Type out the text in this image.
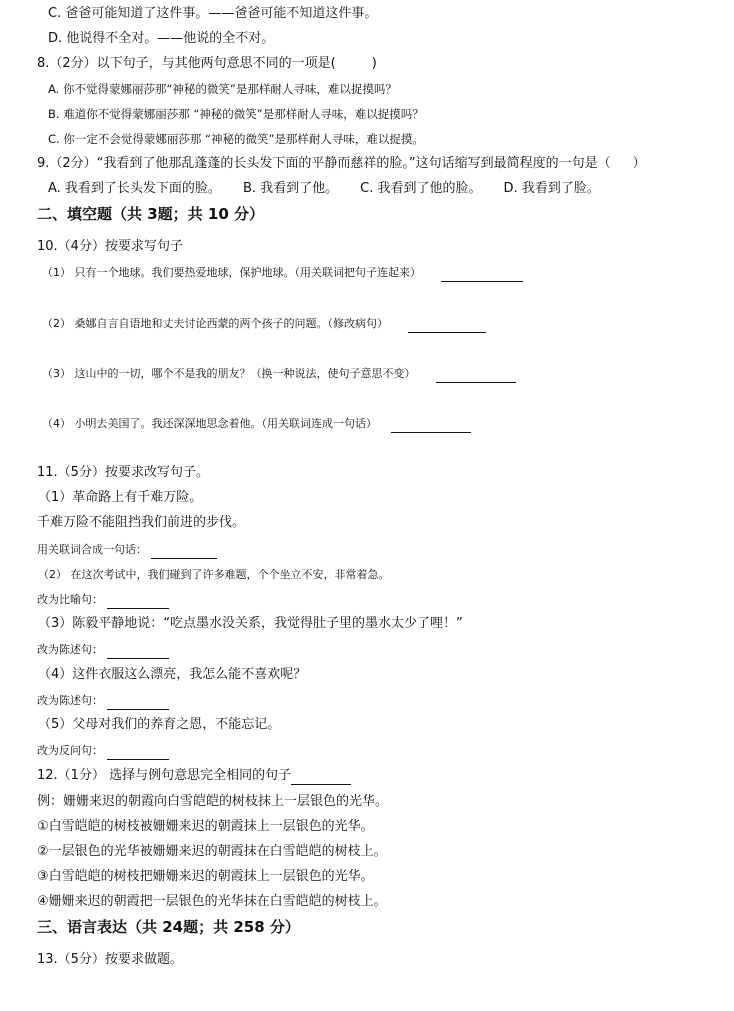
C. 爸爸可能知道了这件事。——爸爸可能不知道这件事。
D. 他说得不全对。——他说的全不对。
8.（2分）以下句子，与其他两句意思不同的一项是(	)
A. 你不觉得蒙娜丽莎那“神秘的微笑”是那样耐人寻味，难以捉摸吗？
B. 难道你不觉得蒙娜丽莎那 “神秘的微笑”是那样耐人寻味，难以捉摸吗？
C. 你一定不会觉得蒙娜丽莎那 “神秘的微笑”是那样耐人寻味，难以捉摸。
9.（2分）“我看到了他那乱蓬蓬的长头发下面的平静而慈祥的脸。”这句话缩写到最简程度的一句是（ ）
A. 我看到了长头发下面的脸。 B. 我看到了他。 C. 我看到了他的脸。 D. 我看到了脸。
二、填空题（共 3题；共 10 分）
10.（4分）按要求写句子
（1） 只有一个地球。我们要热爱地球，保护地球。（用关联词把句子连起来）
（2） 桑娜自言自语地和丈夫讨论西蒙的两个孩子的问题。（修改病句）
（3） 这山中的一切，哪个不是我的朋友？（换一种说法，使句子意思不变）
（4） 小明去美国了。我还深深地思念着他。（用关联词连成一句话）
11.（5分）按要求改写句子。
（1）革命路上有千难万险。
千难万险不能阻挡我们前进的步伐。
用关联词合成一句话：
（2） 在这次考试中，我们碰到了许多难题，个个坐立不安，非常着急。
改为比喻句：
（3）陈毅平静地说：“吃点墨水没关系，我觉得肚子里的墨水太少了哩！”
改为陈述句：
（4）这件衣服这么漂亮，我怎么能不喜欢呢？
改为陈述句：
（5）父母对我们的养育之恩，不能忘记。
改为反问句：
12.（1分） 选择与例句意思完全相同的句子
例：姗姗来迟的朝霞向白雪皑皑的树枝抹上一层银色的光华。
①白雪皑皑的树枝被姗姗来迟的朝霞抹上一层银色的光华。
②一层银色的光华被姗姗来迟的朝霞抹在白雪皑皑的树枝上。
③白雪皑皑的树枝把姗姗来迟的朝霞抹上一层银色的光华。
④姗姗来迟的朝霞把一层银色的光华抹在白雪皑皑的树枝上。
三、语言表达（共 24题；共 258 分）
13.（5分）按要求做题。
